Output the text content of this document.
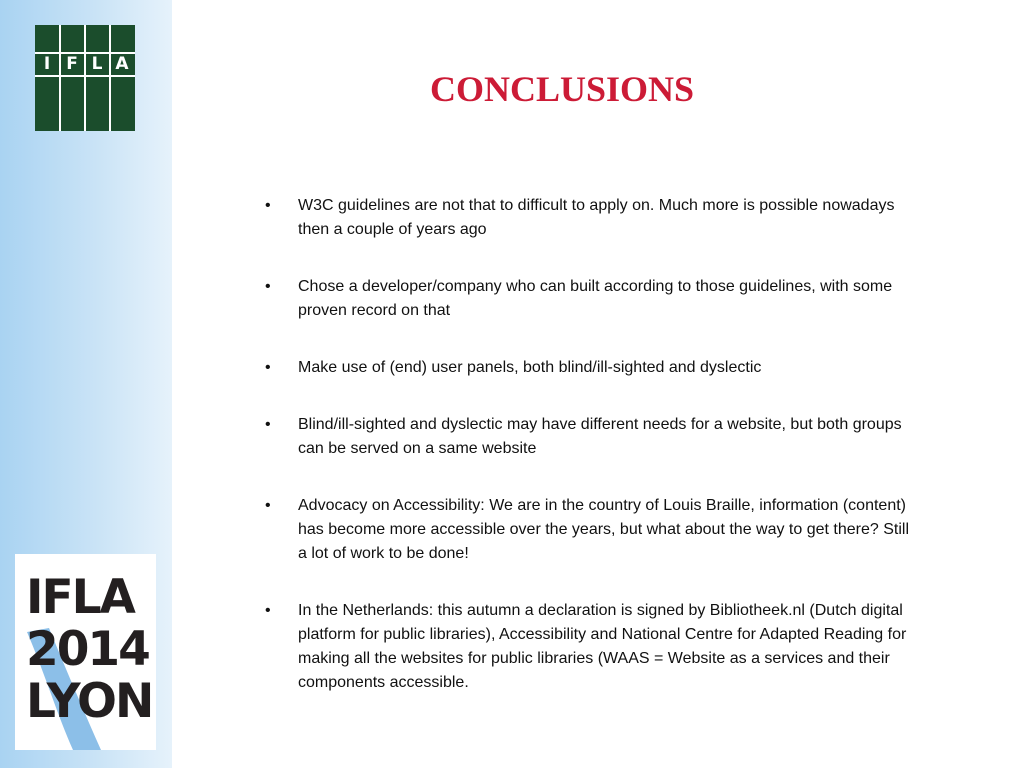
I F L A
CONCLUSIONS
• W3C guidelines are not that to difficult to apply on. Much more is possible nowadays then a couple of years ago
• Chose a developer/company who can built according to those guidelines, with some proven record on that
• Make use of (end) user panels, both blind/ill-sighted and dyslectic
• Blind/ill-sighted and dyslectic may have different needs for a website, but both groups can be served on a same website
• Advocacy on Accessibility: We are in the country of Louis Braille, information (content) has become more accessible over the years, but what about the way to get there? Still a lot of work to be done!
• In the Netherlands: this autumn a declaration is signed by Bibliotheek.nl (Dutch digital platform for public libraries), Accessibility and National Centre for Adapted Reading for making all the websites for public libraries (WAAS = Website as a services and their components accessible.
IFLA
2014
LYON
